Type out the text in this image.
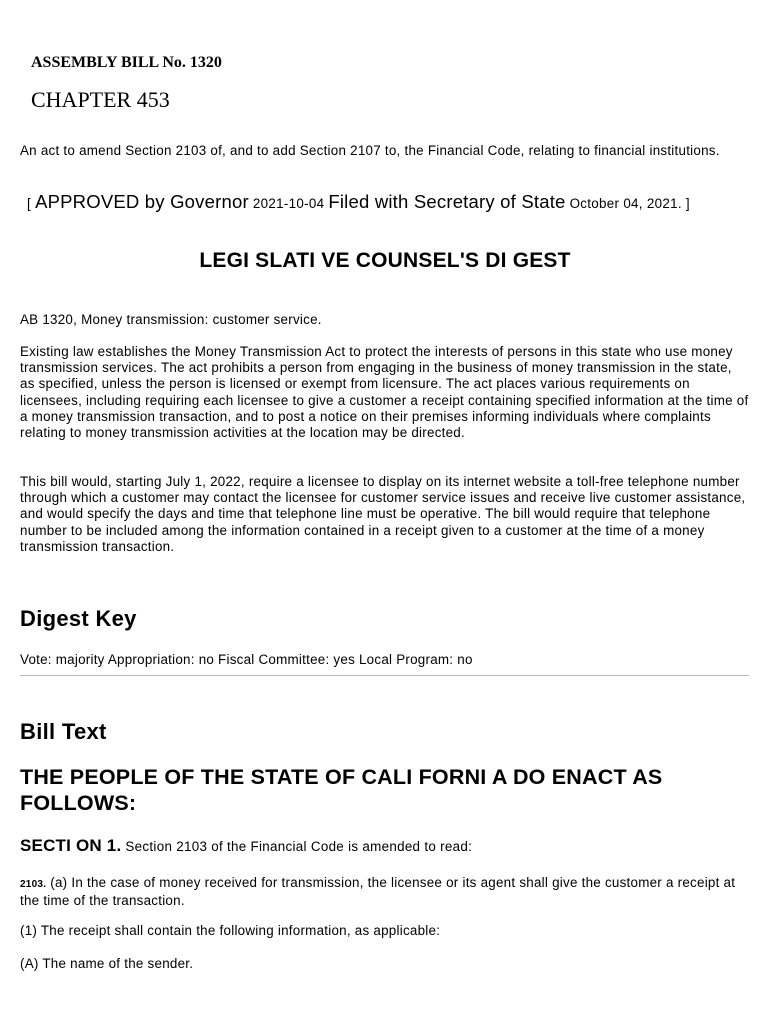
ASSEMBLY BILL No. 1320
CHAPTER 453
An act to amend Section 2103 of, and to add Section 2107 to, the Financial Code, relating to financial institutions.
[ APPROVED by Governor 2021-10-04 Filed with Secretary of State October 04, 2021. ]
LEGI SLATI VE COUNSEL'S DI GEST
AB 1320, Money transmission: customer service.
Existing law establishes the Money Transmission Act to protect the interests of persons in this state who use money transmission services. The act prohibits a person from engaging in the business of money transmission in the state, as specified, unless the person is licensed or exempt from licensure. The act places various requirements on licensees, including requiring each licensee to give a customer a receipt containing specified information at the time of a money transmission transaction, and to post a notice on their premises informing individuals where complaints relating to money transmission activities at the location may be directed.
This bill would, starting July 1, 2022, require a licensee to display on its internet website a toll-free telephone number through which a customer may contact the licensee for customer service issues and receive live customer assistance, and would specify the days and time that telephone line must be operative. The bill would require that telephone number to be included among the information contained in a receipt given to a customer at the time of a money transmission transaction.
Digest Key
Vote: majority Appropriation: no Fiscal Committee: yes Local Program: no
Bill Text
THE PEOPLE OF THE STATE OF CALI FORNI A DO ENACT AS FOLLOWS:
SECTI ON 1. Section 2103 of the Financial Code is amended to read:
2103. (a) In the case of money received for transmission, the licensee or its agent shall give the customer a receipt at the time of the transaction.
(1) The receipt shall contain the following information, as applicable:
(A) The name of the sender.
